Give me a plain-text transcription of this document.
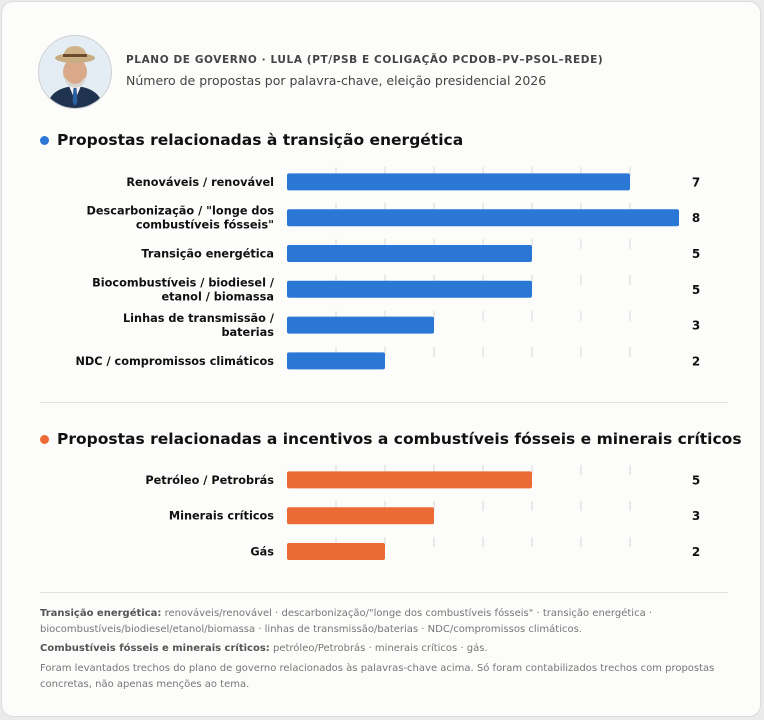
PLANO DE GOVERNO · LULA (PT/PSB E COLIGAÇÃO PCDOB–PV–PSOL–REDE)
Número de propostas por palavra-chave, eleição presidencial 2026
Propostas relacionadas à transição energética
Renováveis / renovável	7
Descarbonização / "longe dos combustíveis fósseis"	8
Transição energética	5
Biocombustíveis / biodiesel / etanol / biomassa	5
Linhas de transmissão / baterias	3
NDC / compromissos climáticos	2
Propostas relacionadas a incentivos a combustíveis fósseis e minerais críticos
Petróleo / Petrobrás	5
Minerais críticos	3
Gás	2
Transição energética: renováveis/renovável · descarbonização/"longe dos combustíveis fósseis" · transição energética · biocombustíveis/biodiesel/etanol/biomassa · linhas de transmissão/baterias · NDC/compromissos climáticos.
Combustíveis fósseis e minerais críticos: petróleo/Petrobrás · minerais críticos · gás.
Foram levantados trechos do plano de governo relacionados às palavras-chave acima. Só foram contabilizados trechos com propostas concretas, não apenas menções ao tema.
